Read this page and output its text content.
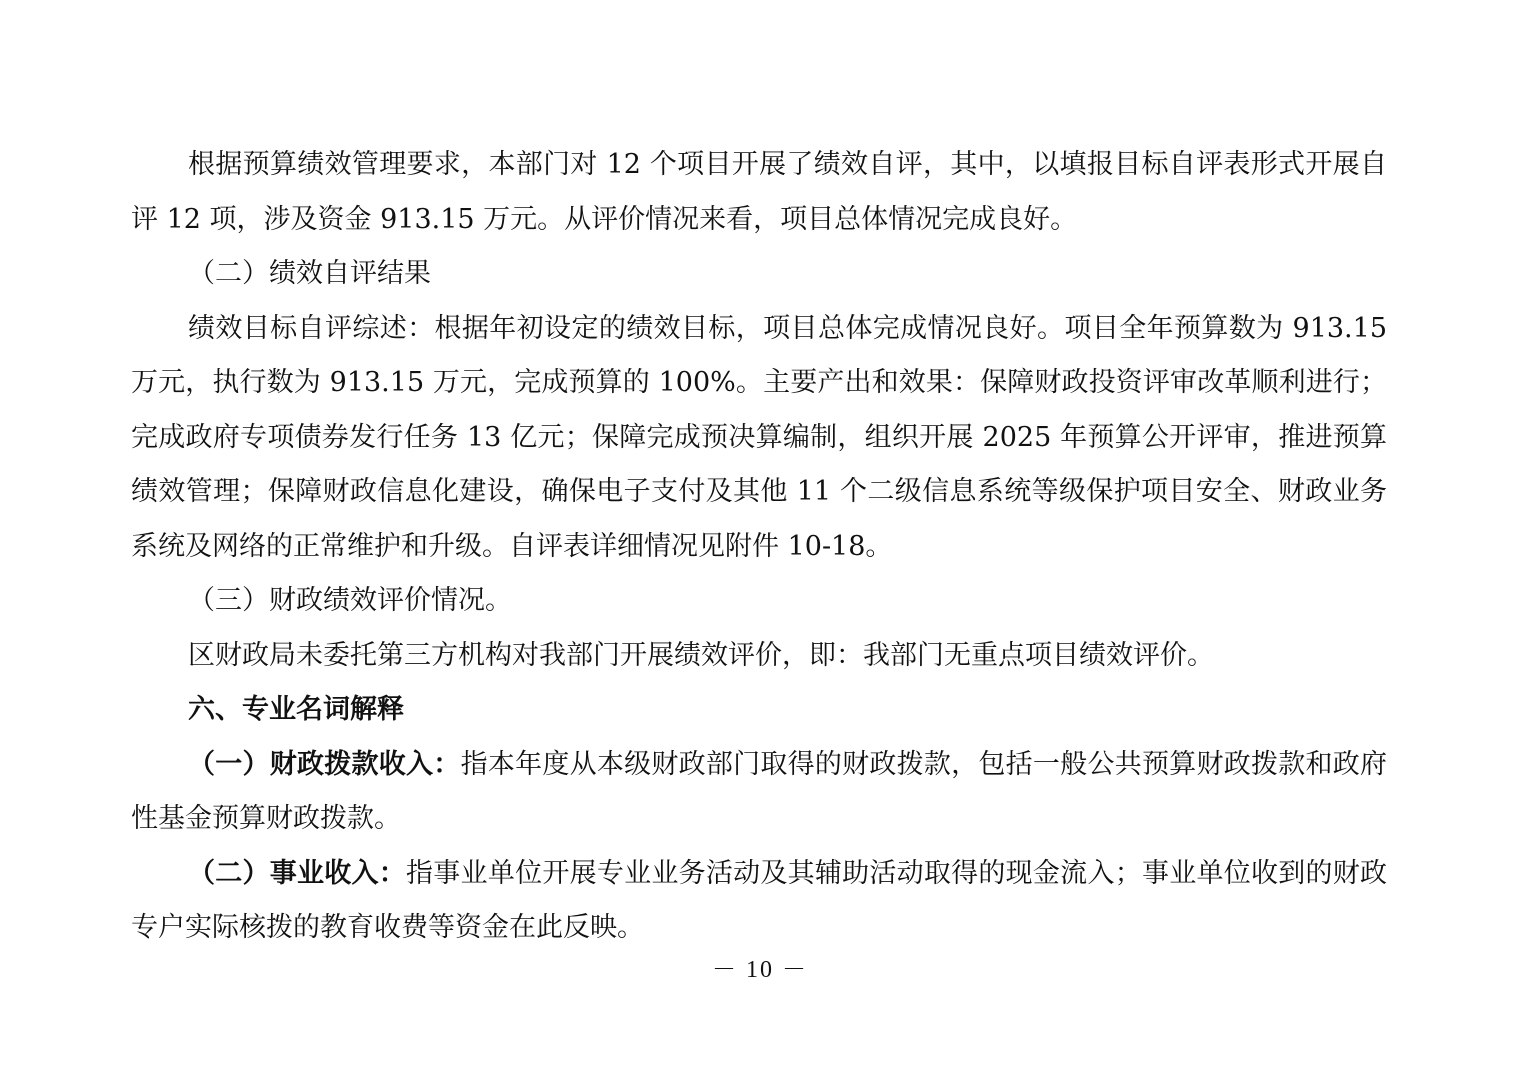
根据预算绩效管理要求，本部门对 12 个项目开展了绩效自评，其中，以填报目标自评表形式开展自评 12 项，涉及资金 913.15 万元。从评价情况来看，项目总体情况完成良好。

（二）绩效自评结果

绩效目标自评综述：根据年初设定的绩效目标，项目总体完成情况良好。项目全年预算数为 913.15 万元，执行数为 913.15 万元，完成预算的 100%。主要产出和效果：保障财政投资评审改革顺利进行；完成政府专项债券发行任务 13 亿元；保障完成预决算编制，组织开展 2025 年预算公开评审，推进预算绩效管理；保障财政信息化建设，确保电子支付及其他 11 个二级信息系统等级保护项目安全、财政业务系统及网络的正常维护和升级。自评表详细情况见附件 10-18。

（三）财政绩效评价情况。

区财政局未委托第三方机构对我部门开展绩效评价，即：我部门无重点项目绩效评价。

六、专业名词解释

（一）财政拨款收入：指本年度从本级财政部门取得的财政拨款，包括一般公共预算财政拨款和政府性基金预算财政拨款。

（二）事业收入：指事业单位开展专业业务活动及其辅助活动取得的现金流入；事业单位收到的财政专户实际核拨的教育收费等资金在此反映。

－ 10 －
